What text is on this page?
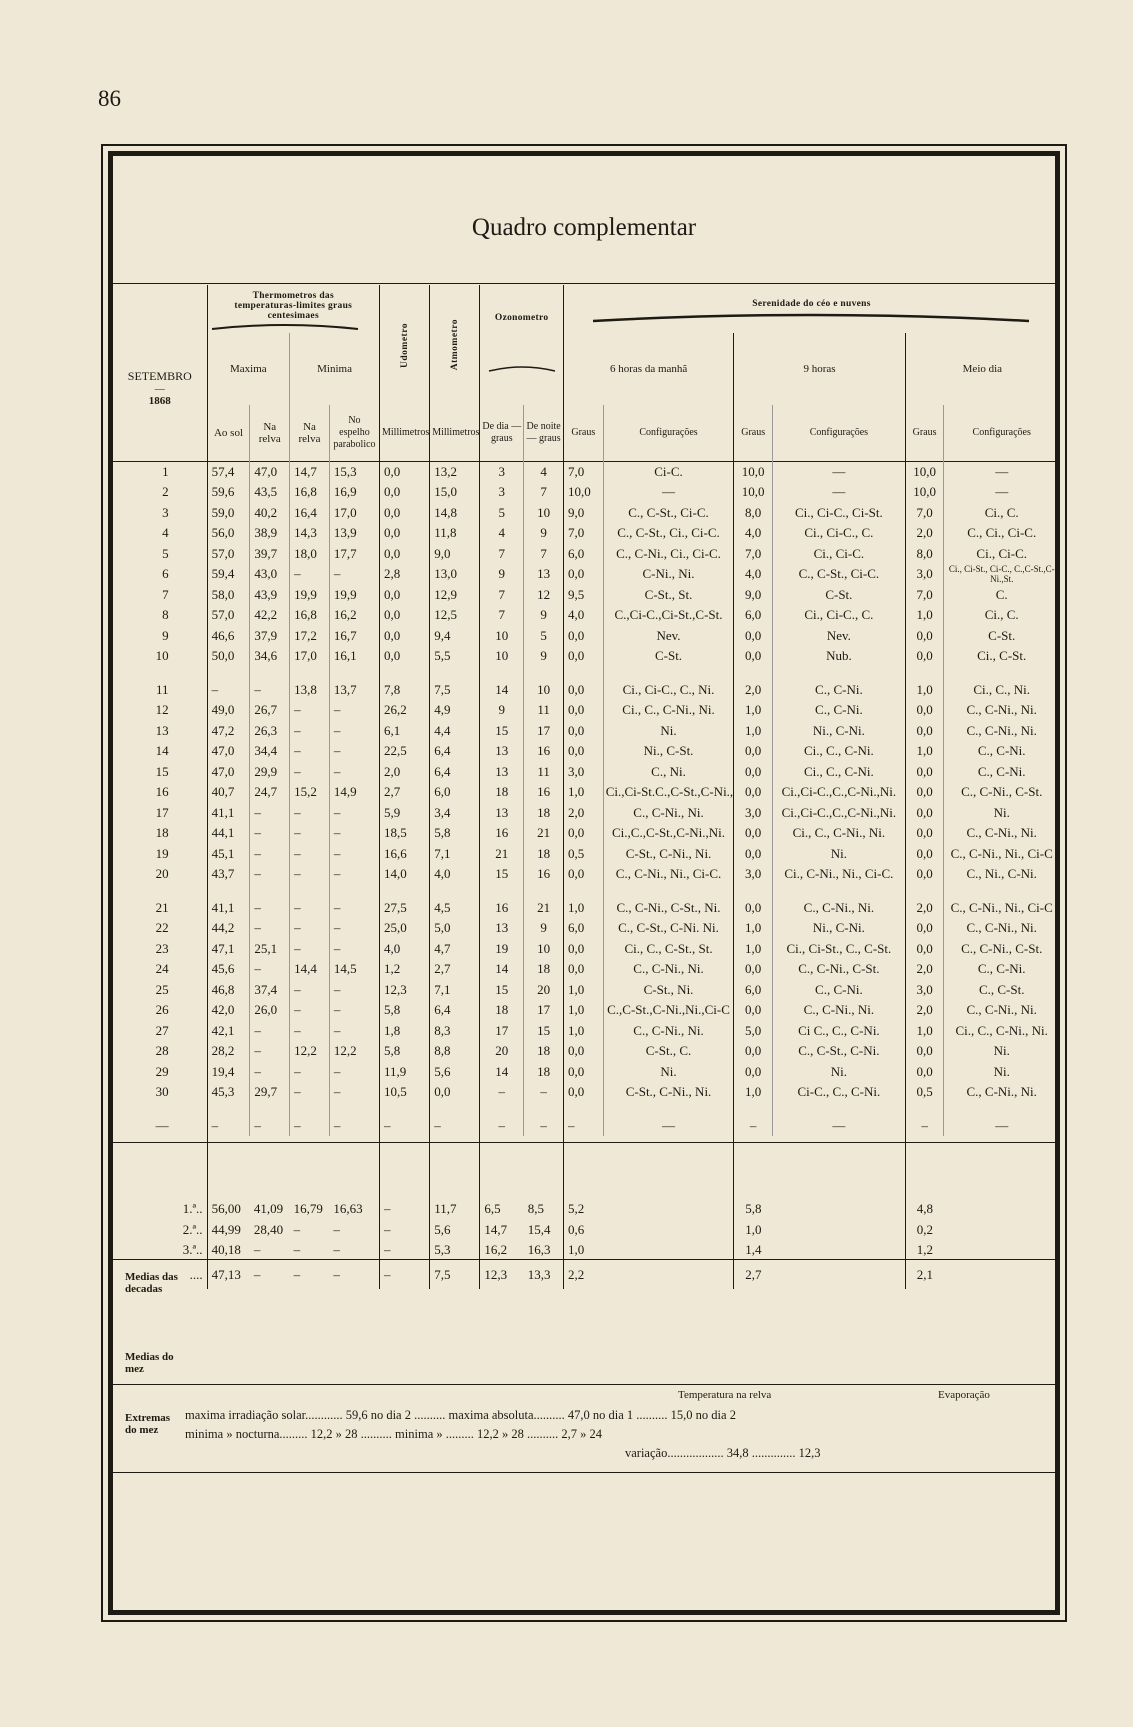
86
Quadro complementar
SETEMBRO
—
1868	Thermometros das temperaturas-limites graus centesimaes				Udometro	Atmometro	Ozonometro		Serenidade do céo e nuvens					

	Maxima		Minima						6 horas da manhã		9 horas		Meio dia	

	Ao sol	Na relva	Na relva	No espelho parabolico	Millimetros	Millimetros	De dia — graus	De noite — graus	Graus	Configurações	Graus	Configurações	Graus	Configurações

1	57,4	47,0	14,7	15,3	0,0	13,2	3	4	7,0	Ci-C.	10,0	—	10,0	—
2	59,6	43,5	16,8	16,9	0,0	15,0	3	7	10,0	—	10,0	—	10,0	—
3	59,0	40,2	16,4	17,0	0,0	14,8	5	10	9,0	C., C-St., Ci-C.	8,0	Ci., Ci-C., Ci-St.	7,0	Ci., C.
4	56,0	38,9	14,3	13,9	0,0	11,8	4	9	7,0	C., C-St., Ci., Ci-C.	4,0	Ci., Ci-C., C.	2,0	C., Ci., Ci-C.
5	57,0	39,7	18,0	17,7	0,0	9,0	7	7	6,0	C., C-Ni., Ci., Ci-C.	7,0	Ci., Ci-C.	8,0	Ci., Ci-C.
6	59,4	43,0	–	–	2,8	13,0	9	13	0,0	C-Ni., Ni.	4,0	C., C-St., Ci-C.	3,0	Ci., Ci-St., Ci-C., C.,C-St.,C-Ni.,St.
7	58,0	43,9	19,9	19,9	0,0	12,9	7	12	9,5	C-St., St.	9,0	C-St.	7,0	C.
8	57,0	42,2	16,8	16,2	0,0	12,5	7	9	4,0	C.,Ci-C.,Ci-St.,C-St.	6,0	Ci., Ci-C., C.	1,0	Ci., C.
9	46,6	37,9	17,2	16,7	0,0	9,4	10	5	0,0	Nev.	0,0	Nev.	0,0	C-St.
10	50,0	34,6	17,0	16,1	0,0	5,5	10	9	0,0	C-St.	0,0	Nub.	0,0	Ci., C-St.

11	–	–	13,8	13,7	7,8	7,5	14	10	0,0	Ci., Ci-C., C., Ni.	2,0	C., C-Ni.	1,0	Ci., C., Ni.
12	49,0	26,7	–	–	26,2	4,9	9	11	0,0	Ci., C., C-Ni., Ni.	1,0	C., C-Ni.	0,0	C., C-Ni., Ni.
13	47,2	26,3	–	–	6,1	4,4	15	17	0,0	Ni.	1,0	Ni., C-Ni.	0,0	C., C-Ni., Ni.
14	47,0	34,4	–	–	22,5	6,4	13	16	0,0	Ni., C-St.	0,0	Ci., C., C-Ni.	1,0	C., C-Ni.
15	47,0	29,9	–	–	2,0	6,4	13	11	3,0	C., Ni.	0,0	Ci., C., C-Ni.	0,0	C., C-Ni.
16	40,7	24,7	15,2	14,9	2,7	6,0	18	16	1,0	Ci.,Ci-St.C.,C-St.,C-Ni.,	0,0	Ci.,Ci-C.,C.,C-Ni.,Ni.	0,0	C., C-Ni., C-St.
17	41,1	–	–	–	5,9	3,4	13	18	2,0	C., C-Ni., Ni.	3,0	Ci.,Ci-C.,C.,C-Ni.,Ni.	0,0	Ni.
18	44,1	–	–	–	18,5	5,8	16	21	0,0	Ci.,C.,C-St.,C-Ni.,Ni.	0,0	Ci., C., C-Ni., Ni.	0,0	C., C-Ni., Ni.
19	45,1	–	–	–	16,6	7,1	21	18	0,5	C-St., C-Ni., Ni.	0,0	Ni.	0,0	C., C-Ni., Ni., Ci-C
20	43,7	–	–	–	14,0	4,0	15	16	0,0	C., C-Ni., Ni., Ci-C.	3,0	Ci., C-Ni., Ni., Ci-C.	0,0	C., Ni., C-Ni.

21	41,1	–	–	–	27,5	4,5	16	21	1,0	C., C-Ni., C-St., Ni.	0,0	C., C-Ni., Ni.	2,0	C., C-Ni., Ni., Ci-C
22	44,2	–	–	–	25,0	5,0	13	9	6,0	C., C-St., C-Ni. Ni.	1,0	Ni., C-Ni.	0,0	C., C-Ni., Ni.
23	47,1	25,1	–	–	4,0	4,7	19	10	0,0	Ci., C., C-St., St.	1,0	Ci., Ci-St., C., C-St.	0,0	C., C-Ni., C-St.
24	45,6	–	14,4	14,5	1,2	2,7	14	18	0,0	C., C-Ni., Ni.	0,0	C., C-Ni., C-St.	2,0	C., C-Ni.
25	46,8	37,4	–	–	12,3	7,1	15	20	1,0	C-St., Ni.	6,0	C., C-Ni.	3,0	C., C-St.
26	42,0	26,0	–	–	5,8	6,4	18	17	1,0	C.,C-St.,C-Ni.,Ni.,Ci-C	0,0	C., C-Ni., Ni.	2,0	C., C-Ni., Ni.
27	42,1	–	–	–	1,8	8,3	17	15	1,0	C., C-Ni., Ni.	5,0	Ci C., C., C-Ni.	1,0	Ci., C., C-Ni., Ni.
28	28,2	–	12,2	12,2	5,8	8,8	20	18	0,0	C-St., C.	0,0	C., C-St., C-Ni.	0,0	Ni.
29	19,4	–	–	–	11,9	5,6	14	18	0,0	Ni.	0,0	Ni.	0,0	Ni.
30	45,3	29,7	–	–	10,5	0,0	–	–	0,0	C-St., C-Ni., Ni.	1,0	Ci-C., C., C-Ni.	0,5	C., C-Ni., Ni.

—	–	–	–	–	–	–	–	–	–	—	–	—	–	—

1.ª..	56,00	41,09	16,79	16,63	–	11,7	6,5	8,5	5,2		5,8		4,8	
2.ª..	44,99	28,40	–	–	–	5,6	14,7	15,4	0,6		1,0		0,2	
3.ª..	40,18	–	–	–	–	5,3	16,2	16,3	1,0		1,4		1,2	
....	47,13	–	–	–	–	7,5	12,3	13,3	2,2		2,7		2,1	
Medias das decadas
Medias do mez
Temperatura na relva	Evaporação
Extremas do mez
maxima irradiação solar............ 59,6 no dia 2 .......... maxima absoluta.......... 47,0 no dia 1 .......... 15,0 no dia 2
minima » nocturna......... 12,2 » 28 .......... minima » ......... 12,2 » 28 .......... 2,7 » 24
variação.................. 34,8 .............. 12,3
